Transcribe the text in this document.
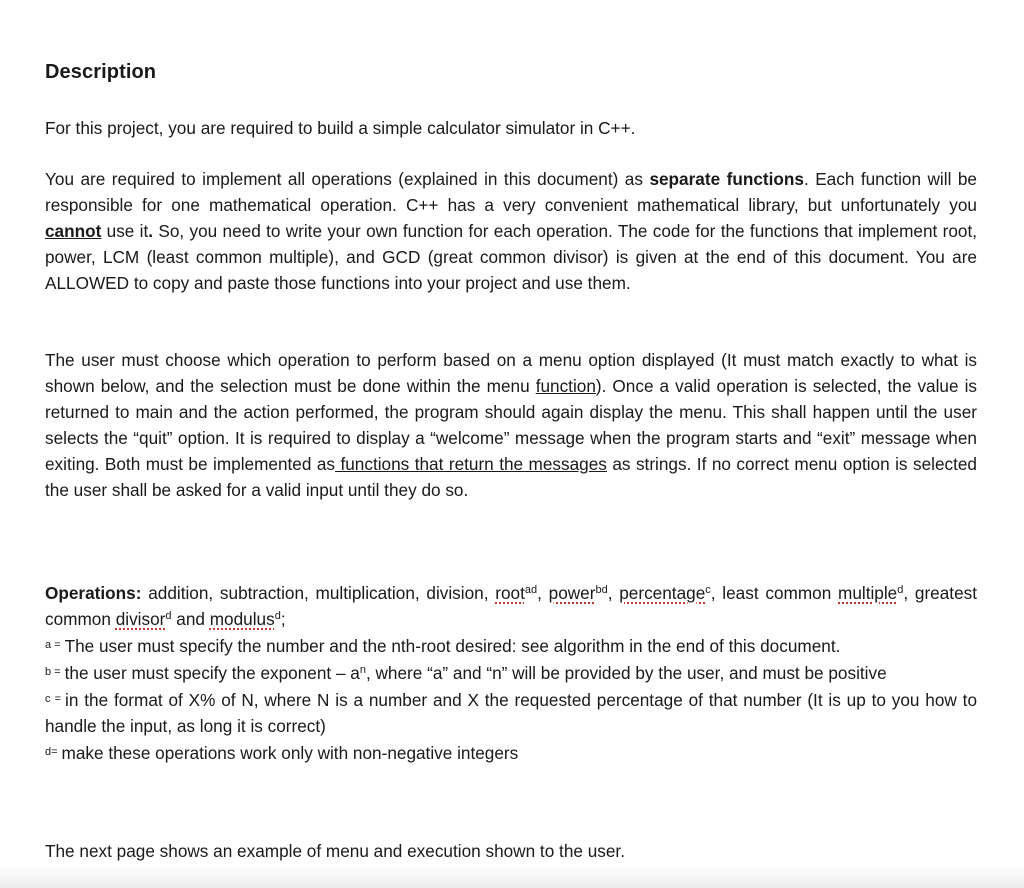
Description

For this project, you are required to build a simple calculator simulator in C++.

You are required to implement all operations (explained in this document) as separate functions. Each function will be responsible for one mathematical operation. C++ has a very convenient mathematical library, but unfortunately you cannot use it. So, you need to write your own function for each operation. The code for the functions that implement root, power, LCM (least common multiple), and GCD (great common divisor) is given at the end of this document. You are ALLOWED to copy and paste those functions into your project and use them.

The user must choose which operation to perform based on a menu option displayed (It must match exactly to what is shown below, and the selection must be done within the menu function). Once a valid operation is selected, the value is returned to main and the action performed, the program should again display the menu. This shall happen until the user selects the “quit” option. It is required to display a “welcome” message when the program starts and “exit” message when exiting. Both must be implemented as functions that return the messages as strings. If no correct menu option is selected the user shall be asked for a valid input until they do so.

Operations: addition, subtraction, multiplication, division, root$^{ad}$, power$^{bd}$, percentage$^c$, least common multiple$^d$, greatest common divisor$^d$ and modulus$^d$;
$^{a =}$ The user must specify the number and the nth-root desired: see algorithm in the end of this document.
$^{b =}$ the user must specify the exponent – $a^n$, where “a” and “n” will be provided by the user, and must be positive
$^{c =}$ in the format of X% of N, where N is a number and X the requested percentage of that number (It is up to you how to handle the input, as long it is correct)
$^{d=}$ make these operations work only with non-negative integers

The next page shows an example of menu and execution shown to the user.
